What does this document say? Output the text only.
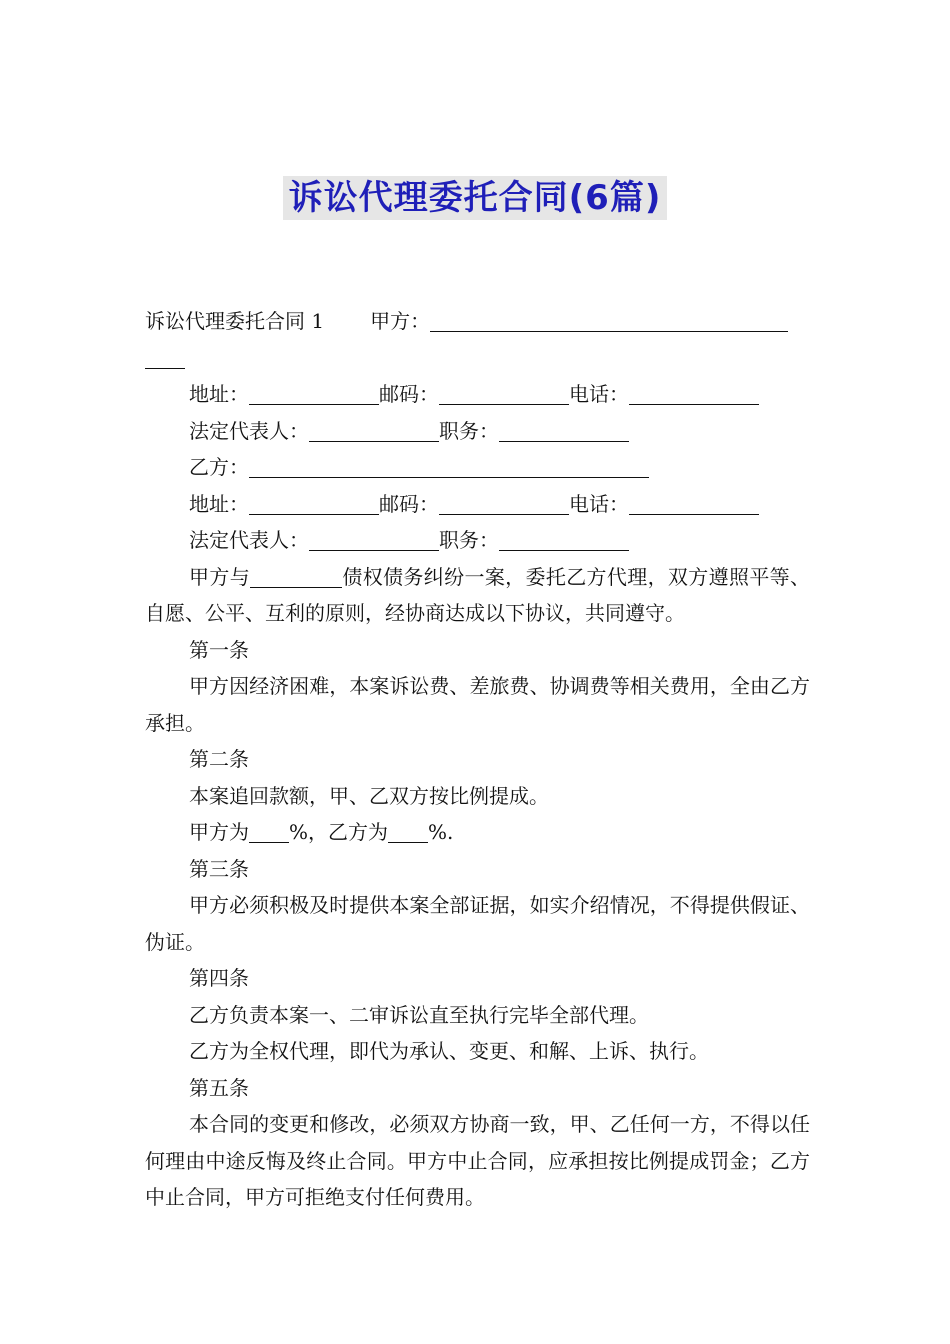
诉讼代理委托合同(6篇)
诉讼代理委托合同 1 甲方：
地址：	邮码：	电话：
法定代表人：	职务：
乙方：
地址：	邮码：	电话：
法定代表人：	职务：
甲方与	债权债务纠纷一案，委托乙方代理，双方遵照平等、自愿、公平、互利的原则，经协商达成以下协议，共同遵守。
第一条
甲方因经济困难，本案诉讼费、差旅费、协调费等相关费用，全由乙方承担。
第二条
本案追回款额，甲、乙双方按比例提成。
甲方为 %，乙方为 %.
第三条
甲方必须积极及时提供本案全部证据，如实介绍情况，不得提供假证、伪证。
第四条
乙方负责本案一、二审诉讼直至执行完毕全部代理。
乙方为全权代理，即代为承认、变更、和解、上诉、执行。
第五条
本合同的变更和修改，必须双方协商一致，甲、乙任何一方，不得以任何理由中途反悔及终止合同。甲方中止合同，应承担按比例提成罚金；乙方中止合同，甲方可拒绝支付任何费用。
